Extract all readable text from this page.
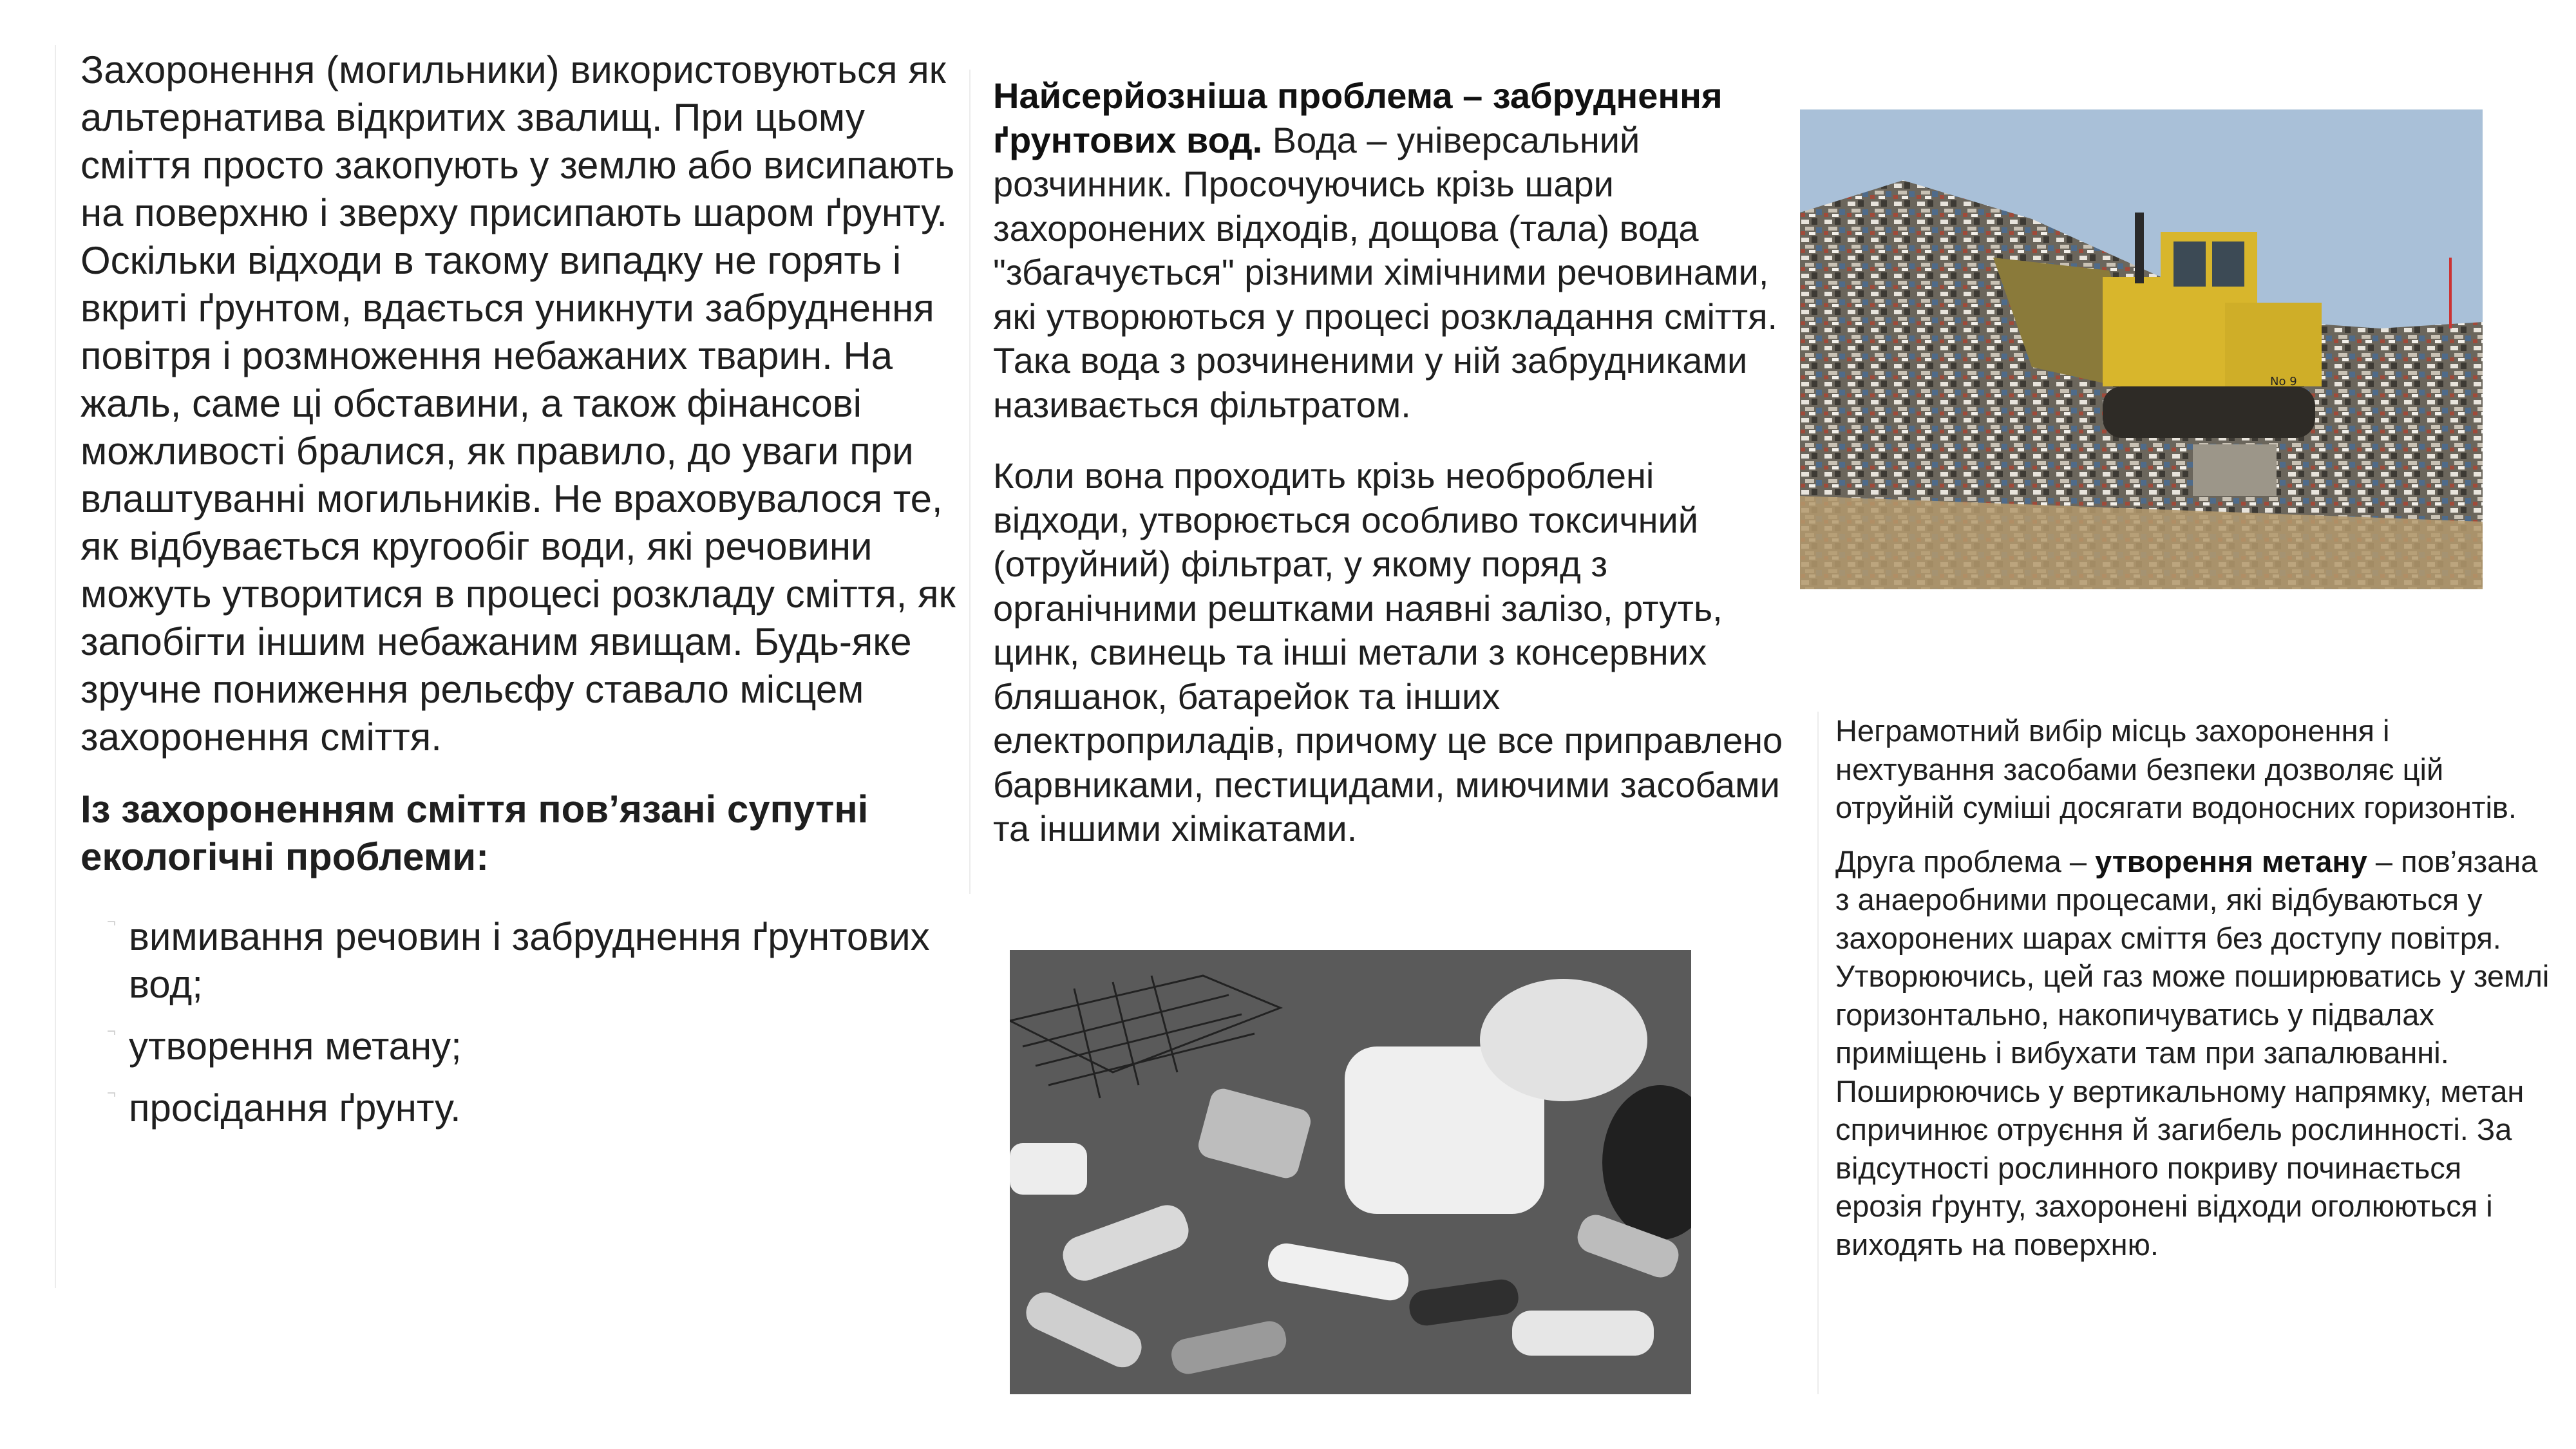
Захоронення (могильники) використовуються як альтернатива відкритих звалищ. При цьому сміття просто закопують у землю або висипають на поверхню і зверху присипають шаром ґрунту. Оскільки відходи в такому випадку не горять і вкриті ґрунтом, вдається уникнути забруднення повітря і розмноження небажаних тварин. На жаль, саме ці обставини, а також фінансові можливості бралися, як правило, до уваги при влаштуванні могильників. Не враховувалося те, як відбувається кругообіг води, які речовини можуть утворитися в процесі розкладу сміття, як запобігти іншим небажаним явищам. Будь-яке зручне пониження рельєфу ставало місцем захоронення сміття.

Із захороненням сміття пов’язані супутні екологічні проблеми:

¬ вимивання речовин і забруднення ґрунтових вод;
¬ утворення метану;
¬ просідання ґрунту.

Найсерйозніша проблема – забруднення ґрунтових вод. Вода – універсальний розчинник. Просочуючись крізь шари захоронених відходів, дощова (тала) вода "збагачується" різними хімічними речовинами, які утворюються у процесі розкладання сміття. Така вода з розчиненими у ній забрудниками називається фільтратом.

Коли вона проходить крізь необроблені відходи, утворюється особливо токсичний (отруйний) фільтрат, у якому поряд з органічними рештками наявні залізо, ртуть, цинк, свинець та інші метали з консервних бляшанок, батарейок та інших електроприладів, причому це все приправлено барвниками, пестицидами, миючими засобами та іншими хімікатами.

Неграмотний вибір місць захоронення і нехтування засобами безпеки дозволяє цій отруйній суміші досягати водоносних горизонтів.

Друга проблема – утворення метану – пов’язана з анаеробними процесами, які відбуваються у захоронених шарах сміття без доступу повітря. Утворюючись, цей газ може поширюватись у землі горизонтально, накопичуватись у підвалах приміщень і вибухати там при запалюванні. Поширюючись у вертикальному напрямку, метан спричинює отруєння й загибель рослинності. За відсутності рослинного покриву починається ерозія ґрунту, захоронені відходи оголюються і виходять на поверхню.

No 9
